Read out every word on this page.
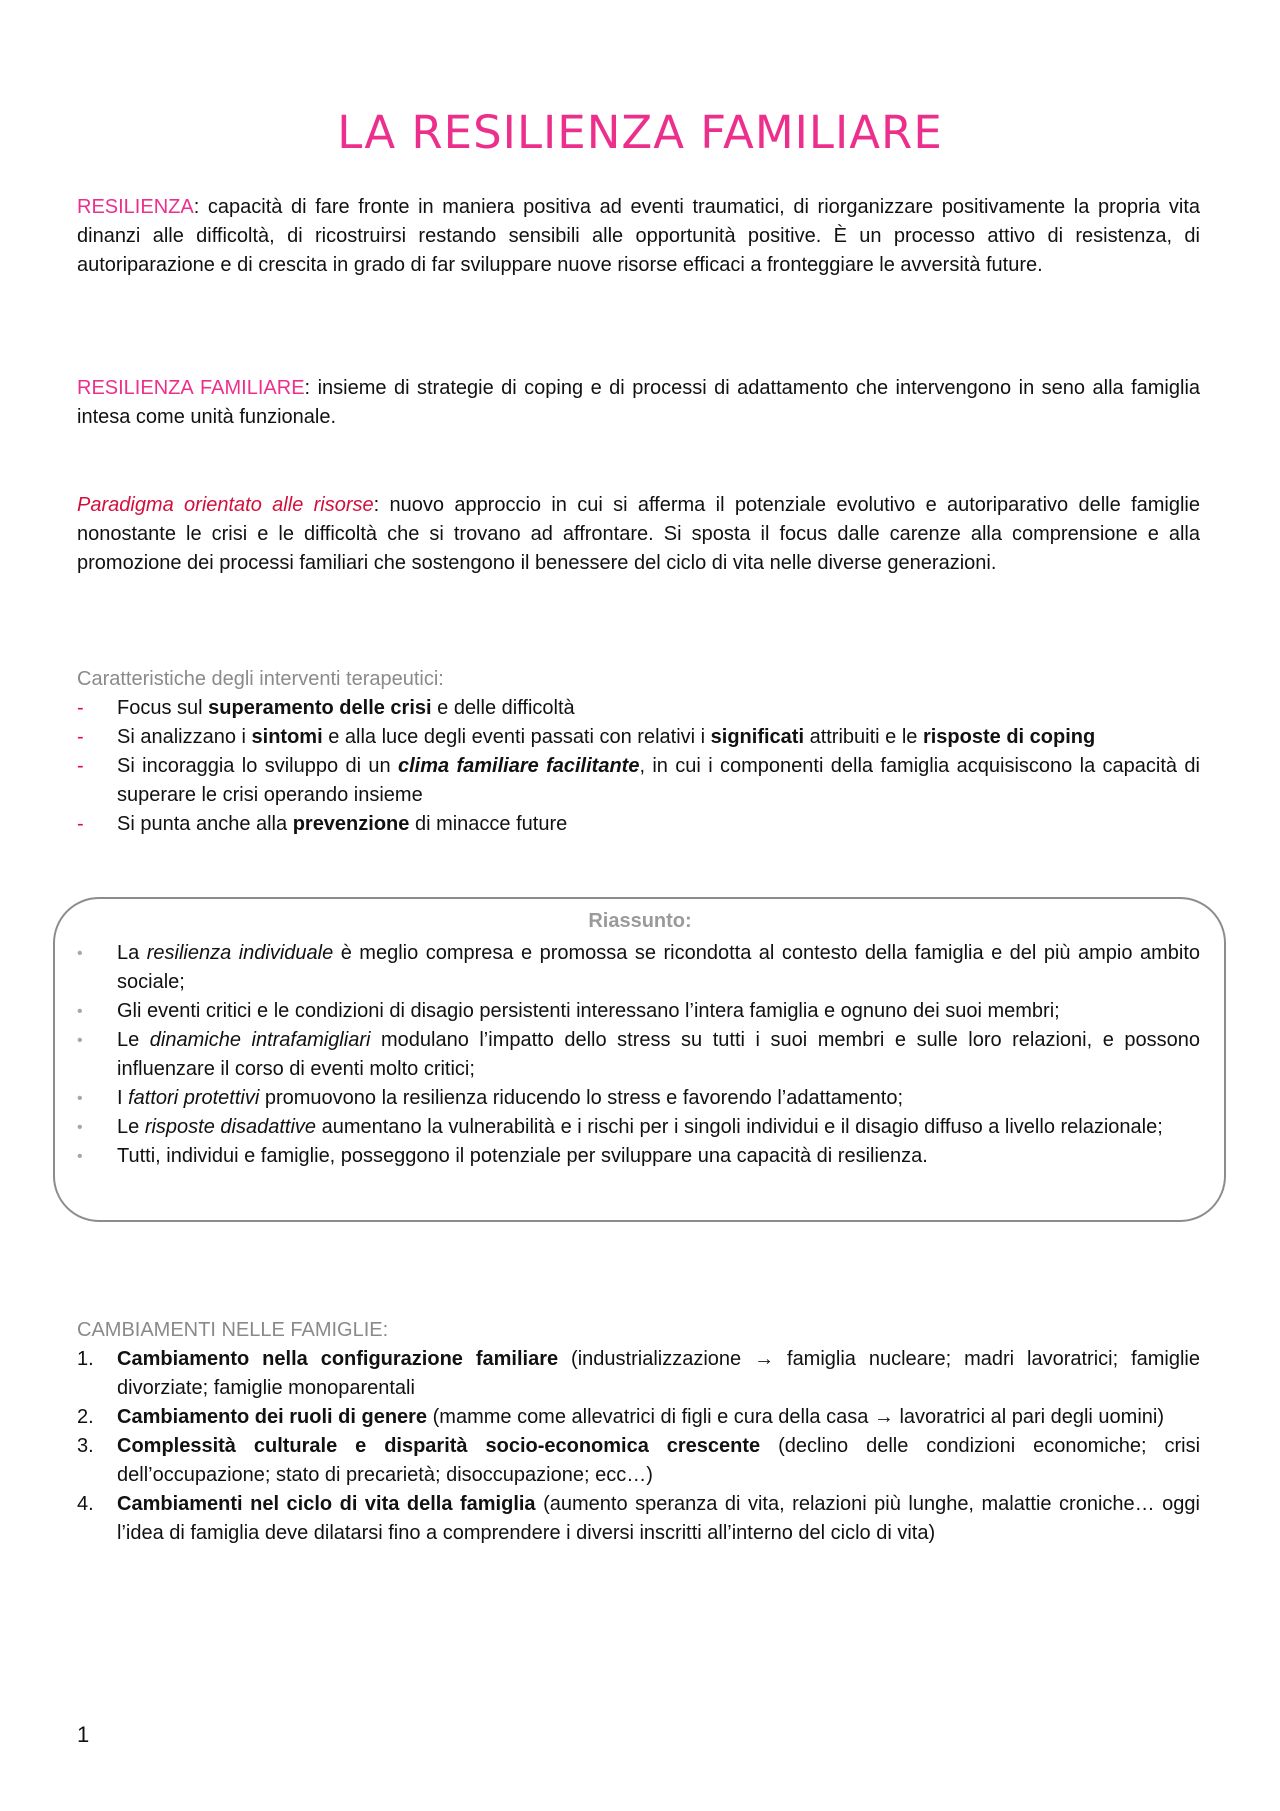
LA RESILIENZA FAMILIARE

RESILIENZA: capacità di fare fronte in maniera positiva ad eventi traumatici, di riorganizzare positivamente la propria vita dinanzi alle difficoltà, di ricostruirsi restando sensibili alle opportunità positive. È un processo attivo di resistenza, di autoriparazione e di crescita in grado di far sviluppare nuove risorse efficaci a fronteggiare le avversità future.

RESILIENZA FAMILIARE: insieme di strategie di coping e di processi di adattamento che intervengono in seno alla famiglia intesa come unità funzionale.

Paradigma orientato alle risorse: nuovo approccio in cui si afferma il potenziale evolutivo e autoriparativo delle famiglie nonostante le crisi e le difficoltà che si trovano ad affrontare. Si sposta il focus dalle carenze alla comprensione e alla promozione dei processi familiari che sostengono il benessere del ciclo di vita nelle diverse generazioni.

Caratteristiche degli interventi terapeutici:
- Focus sul superamento delle crisi e delle difficoltà
- Si analizzano i sintomi e alla luce degli eventi passati con relativi i significati attribuiti e le risposte di coping
- Si incoraggia lo sviluppo di un clima familiare facilitante, in cui i componenti della famiglia acquisiscono la capacità di superare le crisi operando insieme
- Si punta anche alla prevenzione di minacce future
Riassunto:
• La resilienza individuale è meglio compresa e promossa se ricondotta al contesto della famiglia e del più ampio ambito sociale;
• Gli eventi critici e le condizioni di disagio persistenti interessano l’intera famiglia e ognuno dei suoi membri;
• Le dinamiche intrafamigliari modulano l’impatto dello stress su tutti i suoi membri e sulle loro relazioni, e possono influenzare il corso di eventi molto critici;
• I fattori protettivi promuovono la resilienza riducendo lo stress e favorendo l’adattamento;
• Le risposte disadattive aumentano la vulnerabilità e i rischi per i singoli individui e il disagio diffuso a livello relazionale;
• Tutti, individui e famiglie, posseggono il potenziale per sviluppare una capacità di resilienza.
CAMBIAMENTI NELLE FAMIGLIE:
1. Cambiamento nella configurazione familiare (industrializzazione → famiglia nucleare; madri lavoratrici; famiglie divorziate; famiglie monoparentali
2. Cambiamento dei ruoli di genere (mamme come allevatrici di figli e cura della casa → lavoratrici al pari degli uomini)
3. Complessità culturale e disparità socio-economica crescente (declino delle condizioni economiche; crisi dell’occupazione; stato di precarietà; disoccupazione; ecc…)
4. Cambiamenti nel ciclo di vita della famiglia (aumento speranza di vita, relazioni più lunghe, malattie croniche… oggi l’idea di famiglia deve dilatarsi fino a comprendere i diversi inscritti all’interno del ciclo di vita)
1
